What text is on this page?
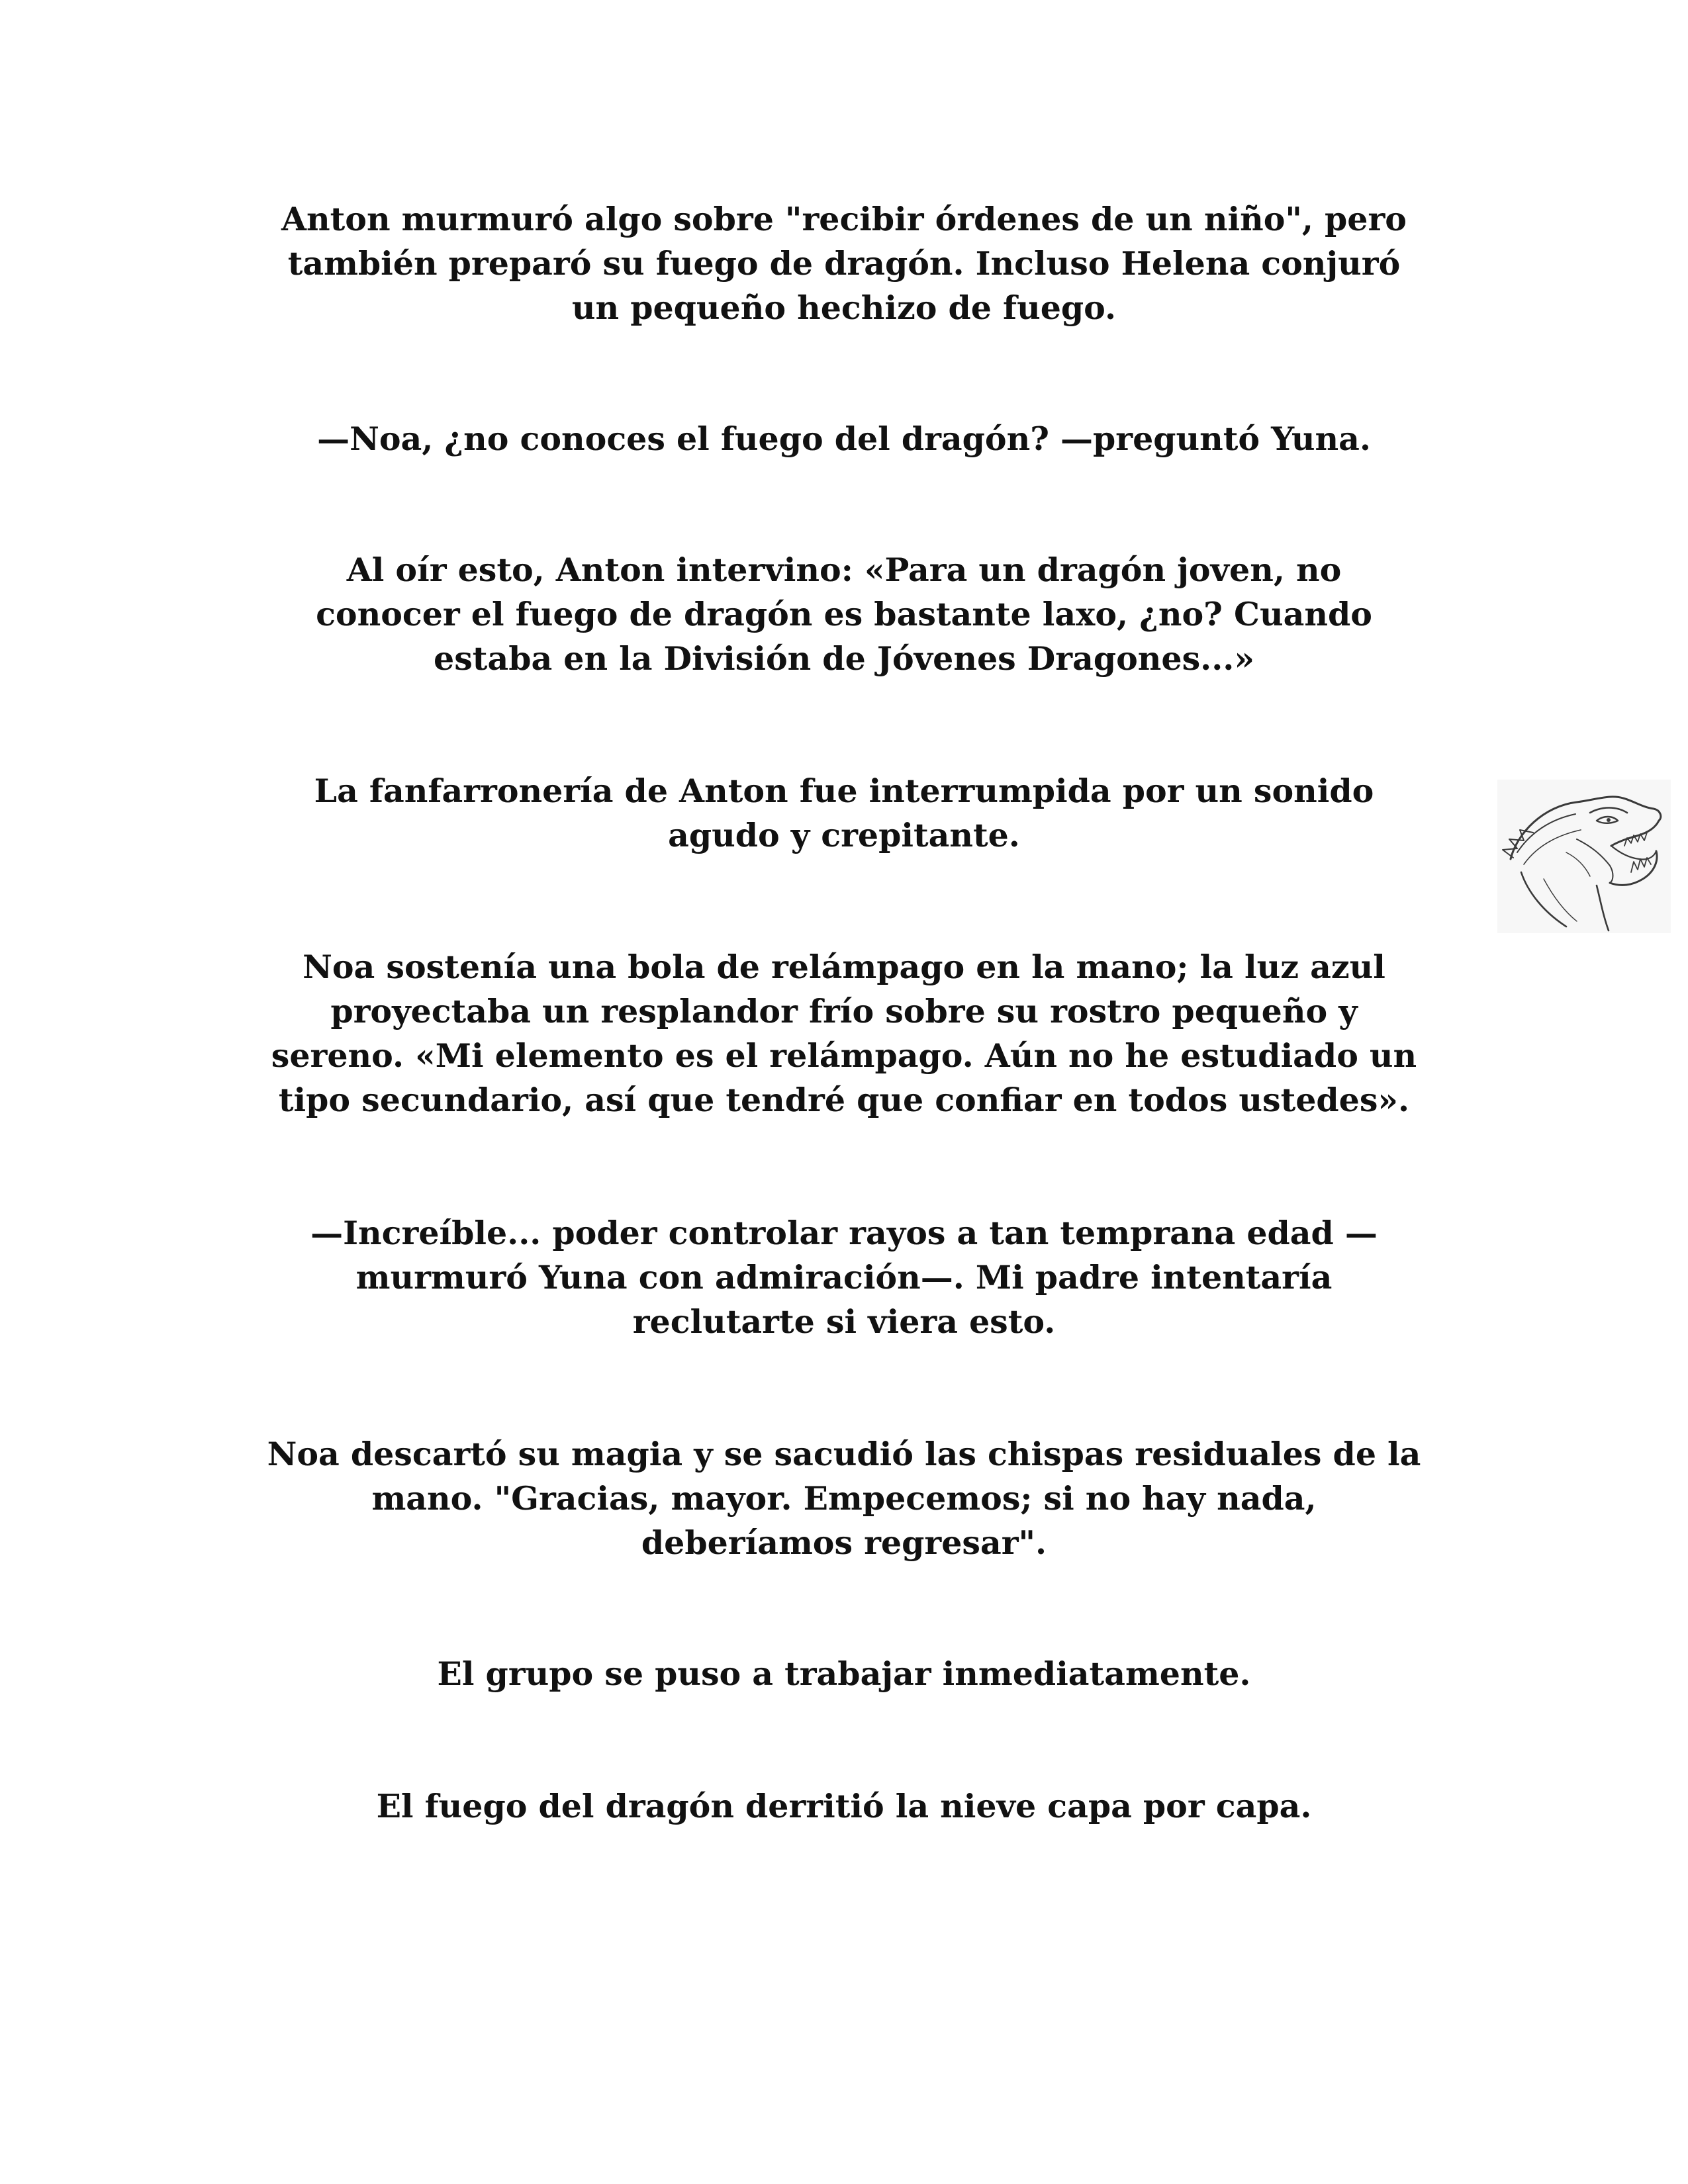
Anton murmuró algo sobre "recibir órdenes de un niño", pero
también preparó su fuego de dragón. Incluso Helena conjuró
un pequeño hechizo de fuego.

—Noa, ¿no conoces el fuego del dragón? —preguntó Yuna.

Al oír esto, Anton intervino: «Para un dragón joven, no
conocer el fuego de dragón es bastante laxo, ¿no? Cuando
estaba en la División de Jóvenes Dragones...»

La fanfarronería de Anton fue interrumpida por un sonido
agudo y crepitante.

Noa sostenía una bola de relámpago en la mano; la luz azul
proyectaba un resplandor frío sobre su rostro pequeño y
sereno. «Mi elemento es el relámpago. Aún no he estudiado un
tipo secundario, así que tendré que confiar en todos ustedes».

—Increíble... poder controlar rayos a tan temprana edad —
murmuró Yuna con admiración—. Mi padre intentaría
reclutarte si viera esto.

Noa descartó su magia y se sacudió las chispas residuales de la
mano. "Gracias, mayor. Empecemos; si no hay nada,
deberíamos regresar".

El grupo se puso a trabajar inmediatamente.

El fuego del dragón derritió la nieve capa por capa.
